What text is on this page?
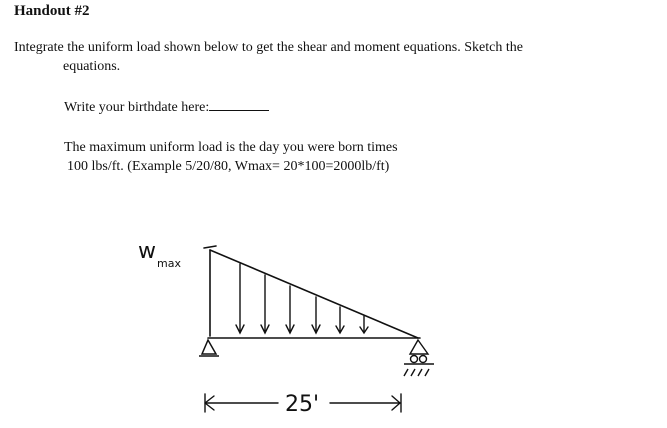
Handout #2
Integrate the uniform load shown below to get the shear and moment equations. Sketch the
equations.
Write your birthdate here:
The maximum uniform load is the day you were born times
100 lbs/ft. (Example 5/20/80, Wmax= 20*100=2000lb/ft)
w max
25'
